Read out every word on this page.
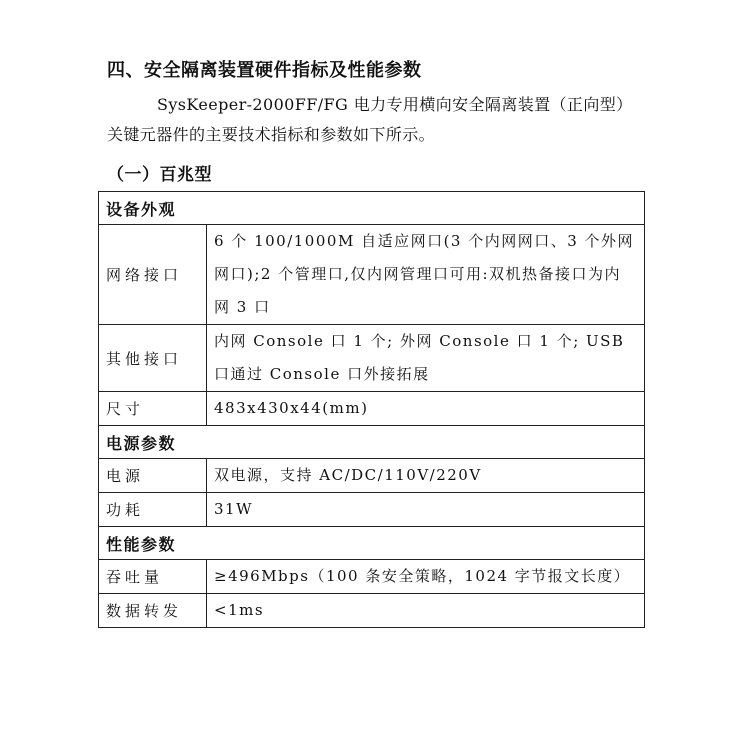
四、安全隔离装置硬件指标及性能参数
SysKeeper-2000FF/FG 电力专用横向安全隔离装置（正向型）关键元器件的主要技术指标和参数如下所示。
（一）百兆型
设备外观	
网络接口	6 个 100/1000M 自适应网口(3 个内网网口、3 个外网网口);2 个管理口,仅内网管理口可用:双机热备接口为内网 3 口
其他接口	内网 Console 口 1 个; 外网 Console 口 1 个; USB 口通过 Console 口外接拓展
尺寸	483x430x44(mm)
电源参数	
电源	双电源，支持 AC/DC/110V/220V
功耗	31W
性能参数	
吞吐量	≥496Mbps（100 条安全策略，1024 字节报文长度）
数据转发	<1ms
